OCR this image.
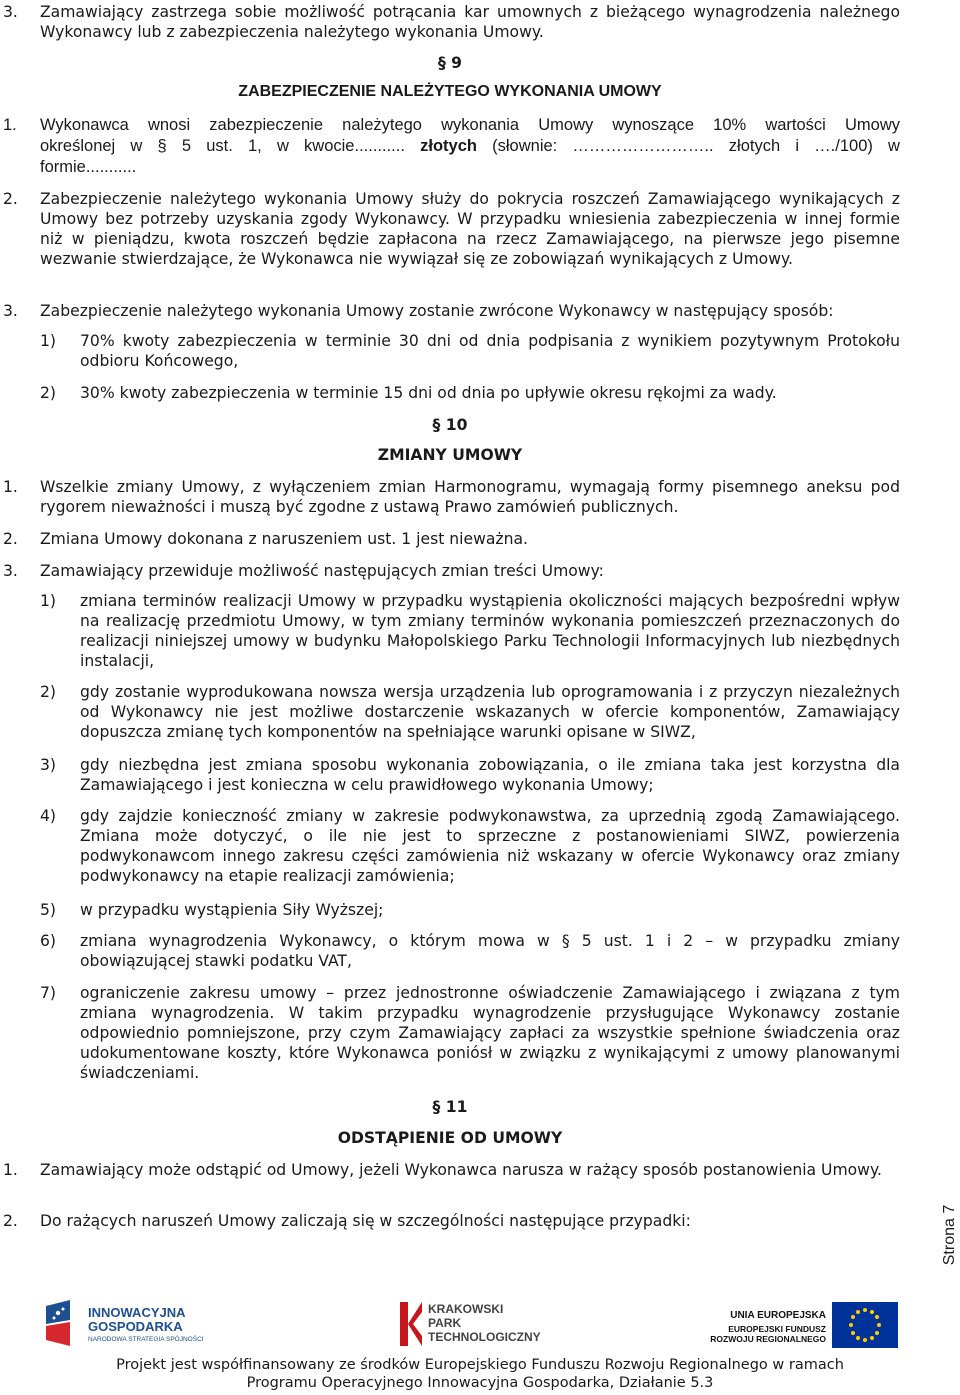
3. Zamawiający zastrzega sobie możliwość potrącania kar umownych z bieżącego wynagrodzenia należnego Wykonawcy lub z zabezpieczenia należytego wykonania Umowy.
§ 9
ZABEZPIECZENIE NALEŻYTEGO WYKONANIA UMOWY
1. Wykonawca wnosi zabezpieczenie należytego wykonania Umowy wynoszące 10% wartości Umowy
określonej w § 5 ust. 1, w kwocie........... złotych (słownie: …………………….. złotych i …./100) w
formie...........
2. Zabezpieczenie należytego wykonania Umowy służy do pokrycia roszczeń Zamawiającego wynikających z Umowy bez potrzeby uzyskania zgody Wykonawcy. W przypadku wniesienia zabezpieczenia w innej formie niż w pieniądzu, kwota roszczeń będzie zapłacona na rzecz Zamawiającego, na pierwsze jego pisemne wezwanie stwierdzające, że Wykonawca nie wywiązał się ze zobowiązań wynikających z Umowy.
3. Zabezpieczenie należytego wykonania Umowy zostanie zwrócone Wykonawcy w następujący sposób:
1) 70% kwoty zabezpieczenia w terminie 30 dni od dnia podpisania z wynikiem pozytywnym Protokołu odbioru Końcowego,
2) 30% kwoty zabezpieczenia w terminie 15 dni od dnia po upływie okresu rękojmi za wady.
§ 10
ZMIANY UMOWY
1. Wszelkie zmiany Umowy, z wyłączeniem zmian Harmonogramu, wymagają formy pisemnego aneksu pod rygorem nieważności i muszą być zgodne z ustawą Prawo zamówień publicznych.
2. Zmiana Umowy dokonana z naruszeniem ust. 1 jest nieważna.
3. Zamawiający przewiduje możliwość następujących zmian treści Umowy:
1) zmiana terminów realizacji Umowy w przypadku wystąpienia okoliczności mających bezpośredni wpływ na realizację przedmiotu Umowy, w tym zmiany terminów wykonania pomieszczeń przeznaczonych do realizacji niniejszej umowy w budynku Małopolskiego Parku Technologii Informacyjnych lub niezbędnych instalacji,
2) gdy zostanie wyprodukowana nowsza wersja urządzenia lub oprogramowania i z przyczyn niezależnych od Wykonawcy nie jest możliwe dostarczenie wskazanych w ofercie komponentów, Zamawiający dopuszcza zmianę tych komponentów na spełniające warunki opisane w SIWZ,
3) gdy niezbędna jest zmiana sposobu wykonania zobowiązania, o ile zmiana taka jest korzystna dla Zamawiającego i jest konieczna w celu prawidłowego wykonania Umowy;
4) gdy zajdzie konieczność zmiany w zakresie podwykonawstwa, za uprzednią zgodą Zamawiającego. Zmiana może dotyczyć, o ile nie jest to sprzeczne z postanowieniami SIWZ, powierzenia podwykonawcom innego zakresu części zamówienia niż wskazany w ofercie Wykonawcy oraz zmiany podwykonawcy na etapie realizacji zamówienia;
5) w przypadku wystąpienia Siły Wyższej;
6) zmiana wynagrodzenia Wykonawcy, o którym mowa w § 5 ust. 1 i 2 – w przypadku zmiany obowiązującej stawki podatku VAT,
7) ograniczenie zakresu umowy – przez jednostronne oświadczenie Zamawiającego i związana z tym zmiana wynagrodzenia. W takim przypadku wynagrodzenie przysługujące Wykonawcy zostanie odpowiednio pomniejszone, przy czym Zamawiający zapłaci za wszystkie spełnione świadczenia oraz udokumentowane koszty, które Wykonawca poniósł w związku z wynikającymi z umowy planowanymi świadczeniami.
§ 11
ODSTĄPIENIE OD UMOWY
1. Zamawiający może odstąpić od Umowy, jeżeli Wykonawca narusza w rażący sposób postanowienia Umowy.
2. Do rażących naruszeń Umowy zaliczają się w szczególności następujące przypadki:	Strona 7
INNOWACYJNA
GOSPODARKA
NARODOWA STRATEGIA SPÓJNOŚCI
KRAKOWSKI
PARK
TECHNOLOGICZNY
UNIA EUROPEJSKA
EUROPEJSKI FUNDUSZ
ROZWOJU REGIONALNEGO
Projekt jest współfinansowany ze środków Europejskiego Funduszu Rozwoju Regionalnego w ramach
Programu Operacyjnego Innowacyjna Gospodarka, Działanie 5.3
